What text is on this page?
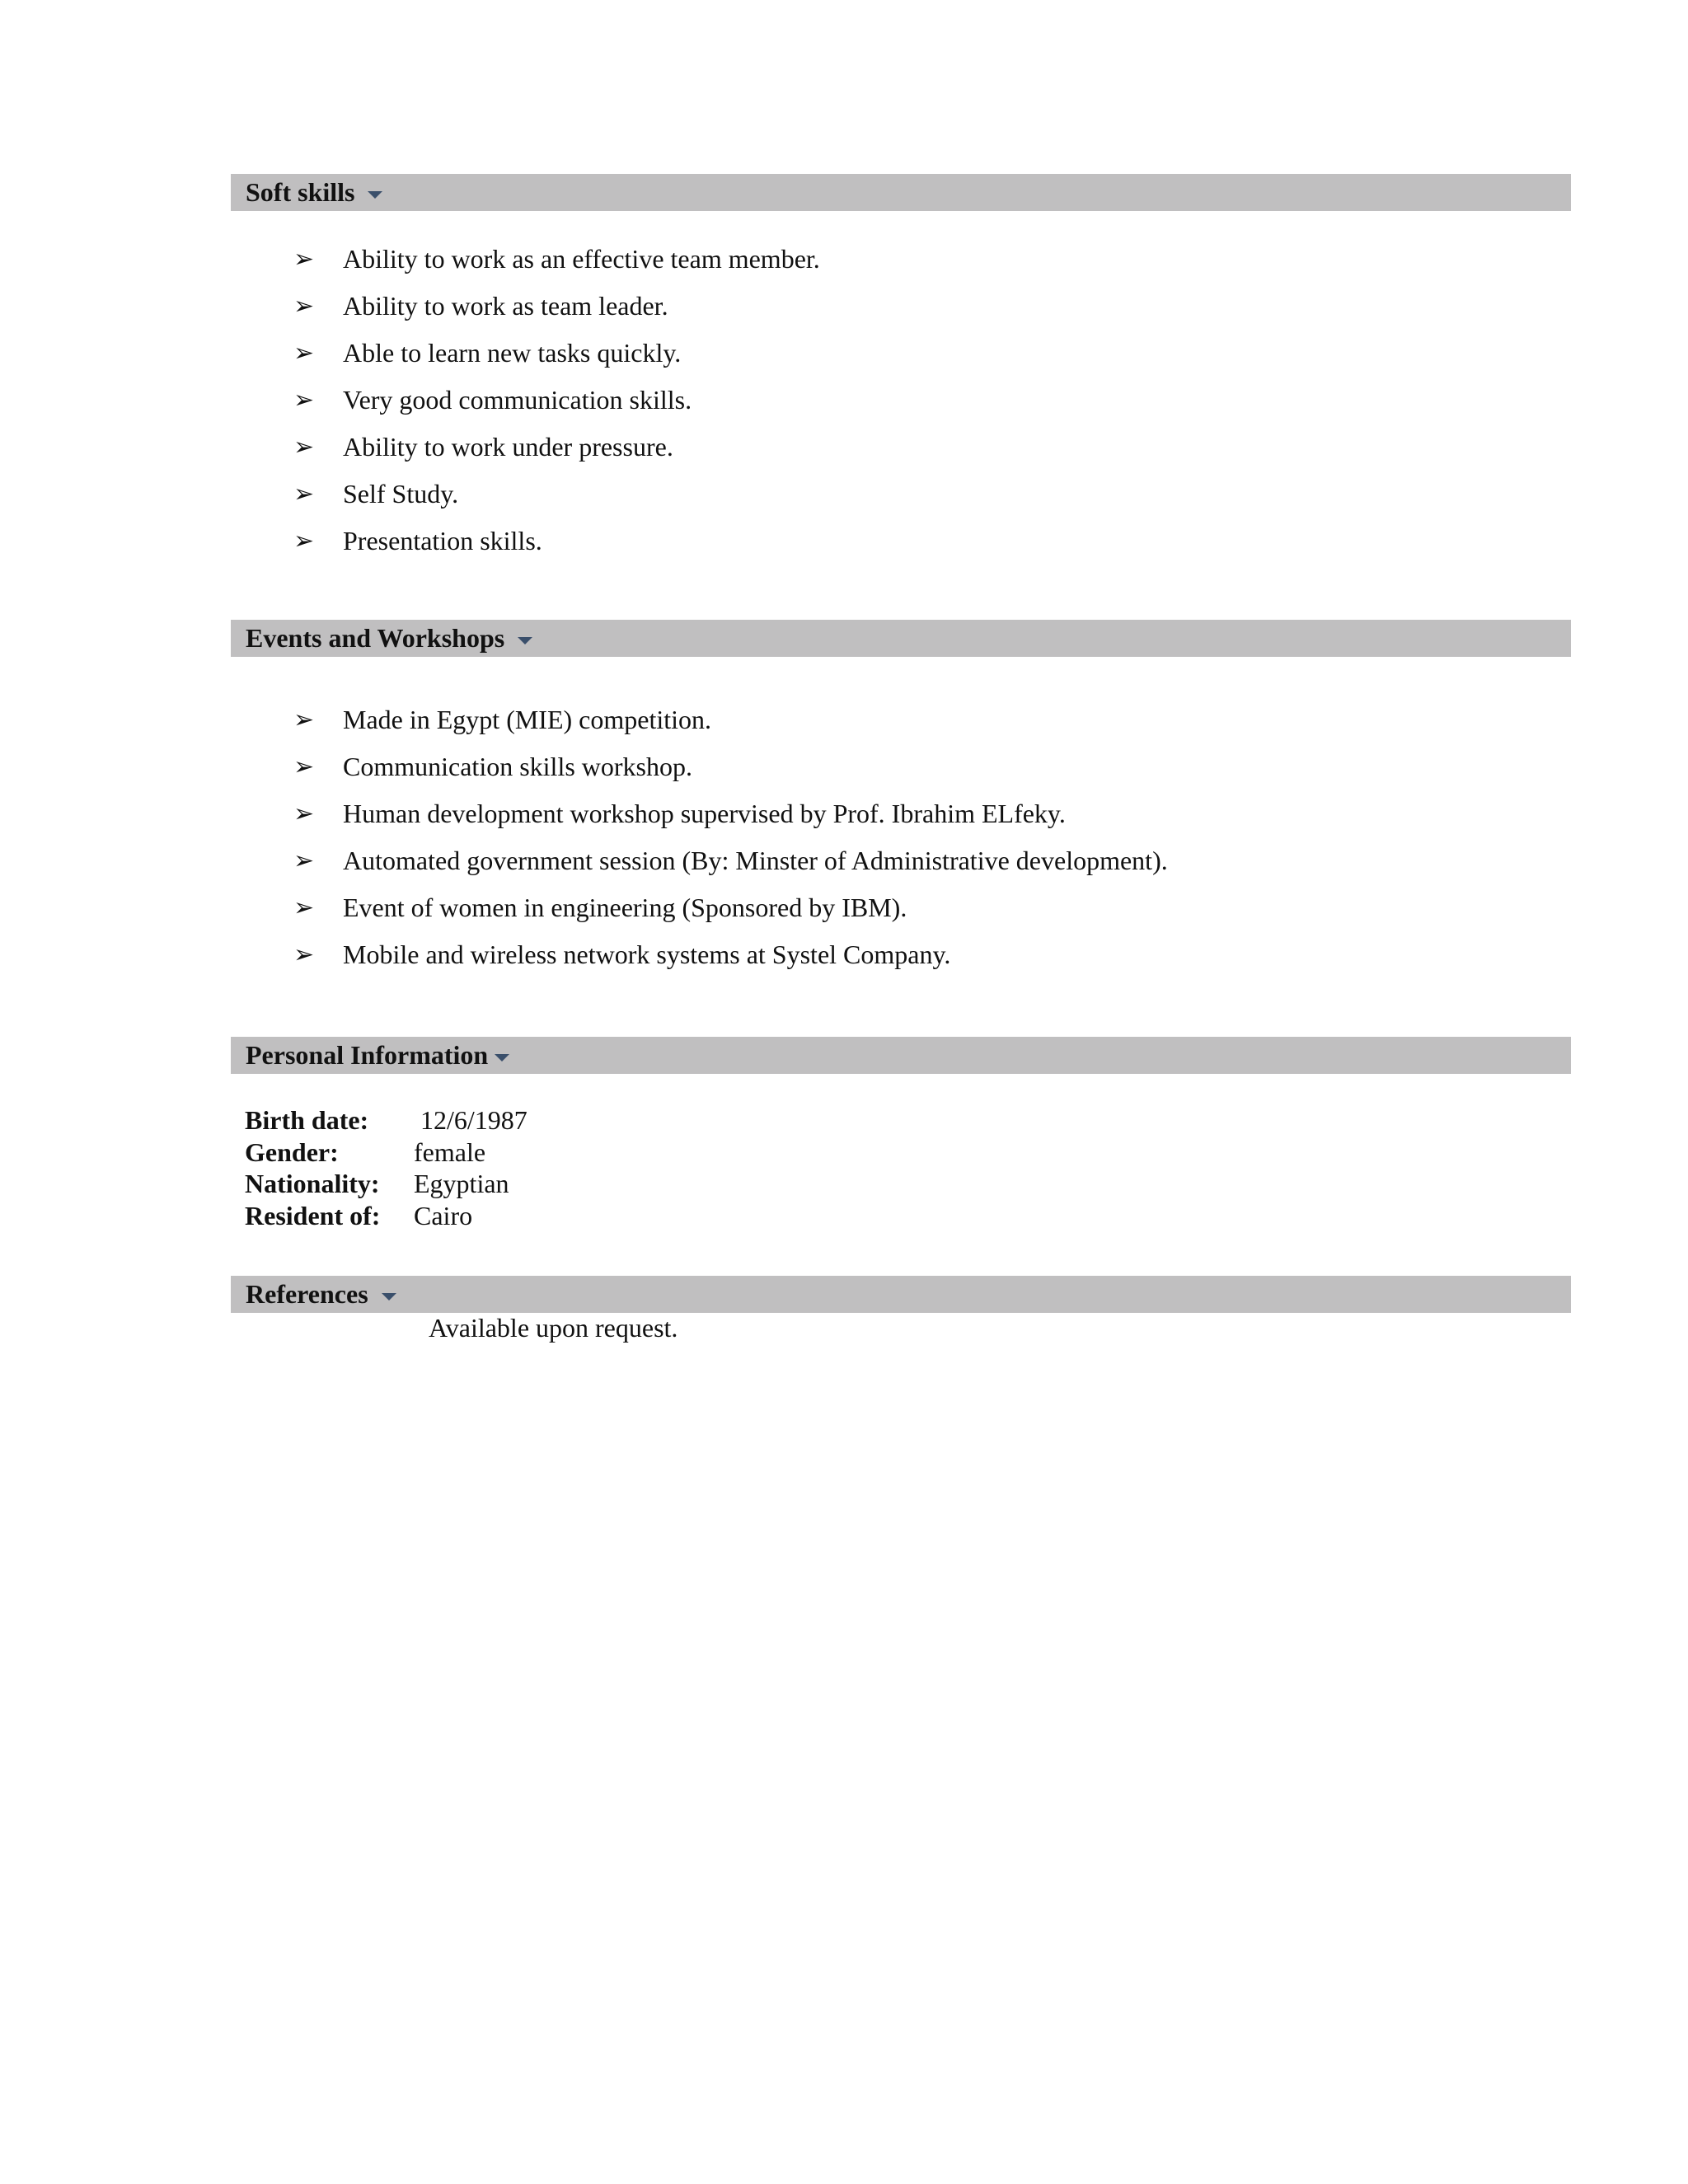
Soft skills
➢	Ability to work as an effective team member.
➢	Ability to work as team leader.
➢	Able to learn new tasks quickly.
➢	Very good communication skills.
➢	Ability to work under pressure.
➢	Self Study.
➢	Presentation skills.
Events and Workshops
➢	Made in Egypt (MIE) competition.
➢	Communication skills workshop.
➢	Human development workshop supervised by Prof. Ibrahim ELfeky.
➢	Automated government session (By: Minster of Administrative development).
➢	Event of women in engineering (Sponsored by IBM).
➢	Mobile and wireless network systems at Systel Company.
Personal Information
Birth date:	12/6/1987
Gender:	female
Nationality:	Egyptian
Resident of:	Cairo
References
Available upon request.
